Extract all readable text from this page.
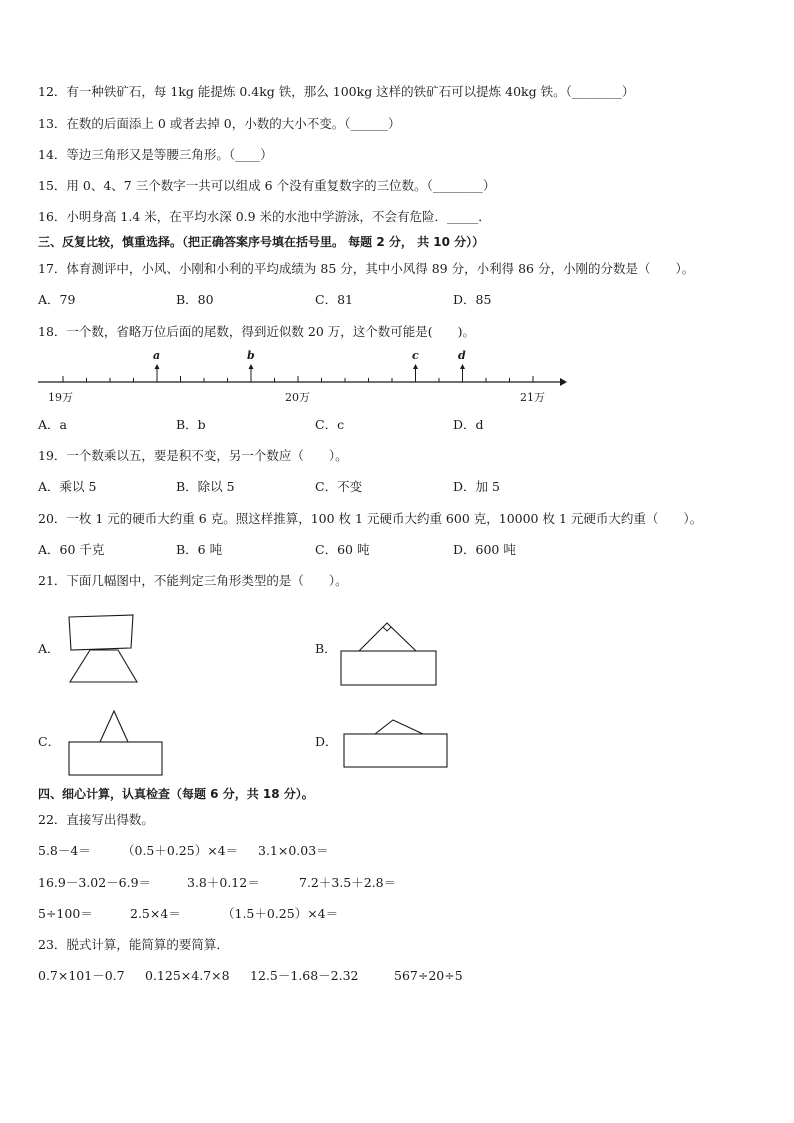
12．有一种铁矿石，每 1kg 能提炼 0.4kg 铁，那么 100kg 这样的铁矿石可以提炼 40kg 铁。（________）
13．在数的后面添上 0 或者去掉 0，小数的大小不变。（______）
14．等边三角形又是等腰三角形。（____）
15．用 0、4、7 三个数字一共可以组成 6 个没有重复数字的三位数。（________）
16．小明身高 1.4 米，在平均水深 0.9 米的水池中学游泳，不会有危险．_____．
三、反复比较，慎重选择。（把正确答案序号填在括号里。 每题 2 分， 共 10 分））
17．体育测评中，小风、小刚和小利的平均成绩为 85 分，其中小风得 89 分，小利得 86 分，小刚的分数是（　　）。
A．79	B．80	C．81	D．85
18．一个数，省略万位后面的尾数，得到近似数 20 万，这个数可能是(　　)。
a	b	c	d
19万	20万	21万
A．a	B．b	C．c	D．d
19．一个数乘以五，要是积不变，另一个数应（　　）。
A．乘以 5	B．除以 5	C．不变	D．加 5
20．一枚 1 元的硬币大约重 6 克。照这样推算，100 枚 1 元硬币大约重 600 克，10000 枚 1 元硬币大约重（　　）。
A．60 千克	B．6 吨	C．60 吨	D．600 吨
21．下面几幅图中，不能判定三角形类型的是（　　）。
A．	B．
C．	D．
四、细心计算，认真检查（每题 6 分，共 18 分）。
22．直接写出得数。
5.8－4＝ （0.5＋0.25）×4＝ 3.1×0.03＝
16.9－3.02－6.9＝	3.8＋0.12＝	7.2＋3.5＋2.8＝
5÷100＝	2.5×4＝	（1.5＋0.25）×4＝
23．脱式计算，能简算的要简算．
0.7×101－0.7 0.125×4.7×8 12.5－1.68－2.32	567÷20÷5
